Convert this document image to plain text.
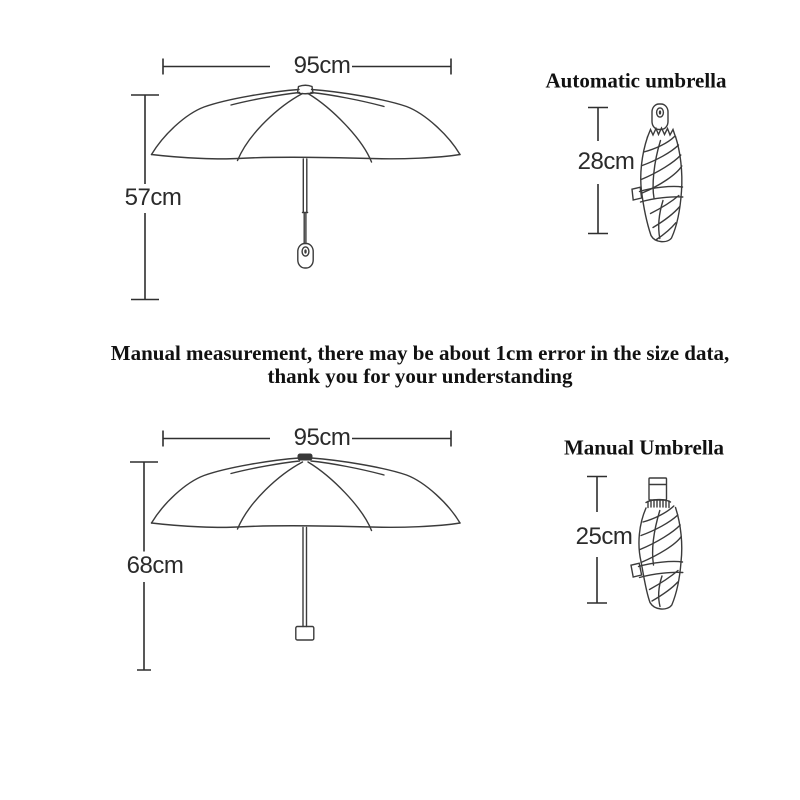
95cm
57cm
Automatic umbrella
28cm
Manual measurement, there may be about 1cm error in the size data,
thank you for your understanding
95cm
68cm
Manual Umbrella
25cm
